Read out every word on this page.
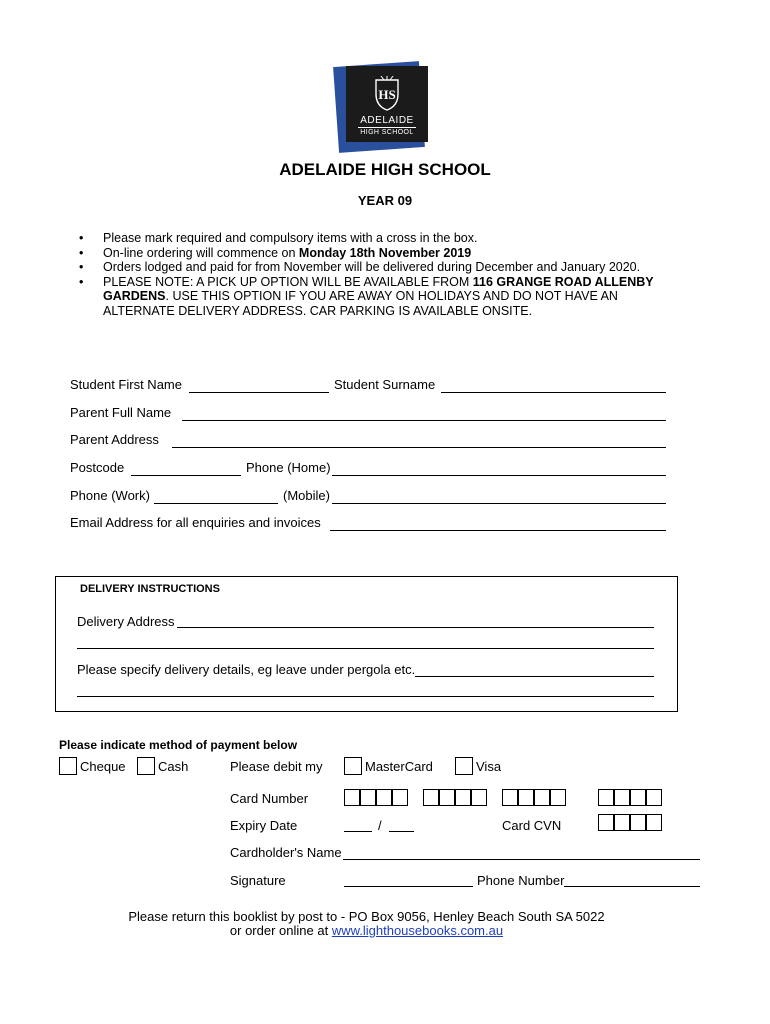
HS
ADELAIDE
HIGH SCHOOL
ADELAIDE HIGH SCHOOL
YEAR 09
• Please mark required and compulsory items with a cross in the box.
• On-line ordering will commence on Monday 18th November 2019
• Orders lodged and paid for from November will be delivered during December and January 2020.
• PLEASE NOTE: A PICK UP OPTION WILL BE AVAILABLE FROM 116 GRANGE ROAD ALLENBY GARDENS. USE THIS OPTION IF YOU ARE AWAY ON HOLIDAYS AND DO NOT HAVE AN ALTERNATE DELIVERY ADDRESS. CAR PARKING IS AVAILABLE ONSITE.
Student First Name	Student Surname
Parent Full Name
Parent Address
Postcode	Phone (Home)
Phone (Work)	(Mobile)
Email Address for all enquiries and invoices
DELIVERY INSTRUCTIONS
Delivery Address
Please specify delivery details, eg leave under pergola etc.
Please indicate method of payment below
Cheque Cash	Please debit my	MasterCard	Visa
Card Number
Expiry Date	/	Card CVN
Cardholder's Name
Signature	Phone Number
Please return this booklist by post to - PO Box 9056, Henley Beach South SA 5022
or order online at www.lighthousebooks.com.au
